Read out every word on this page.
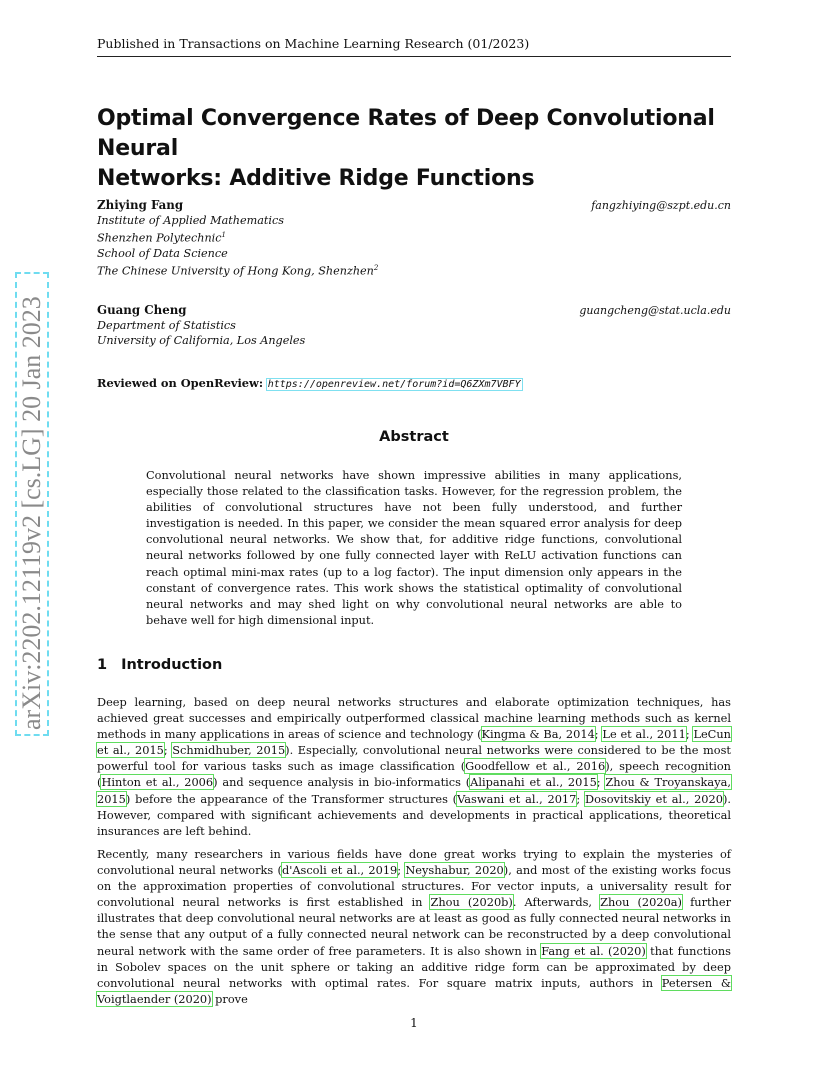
Published in Transactions on Machine Learning Research (01/2023)
Optimal Convergence Rates of Deep Convolutional Neural
Networks: Additive Ridge Functions
Zhiying Fang	fangzhiying@szpt.edu.cn
Institute of Applied Mathematics
Shenzhen Polytechnic$^1$
School of Data Science
The Chinese University of Hong Kong, Shenzhen$^2$
Guang Cheng	guangcheng@stat.ucla.edu
Department of Statistics
University of California, Los Angeles
Reviewed on OpenReview: https://openreview.net/forum?id=Q6ZXm7VBFY
Abstract
Convolutional neural networks have shown impressive abilities in many applications, especially those related to the classification tasks. However, for the regression problem, the abilities of convolutional structures have not been fully understood, and further investigation is needed. In this paper, we consider the mean squared error analysis for deep convolutional neural networks. We show that, for additive ridge functions, convolutional neural networks followed by one fully connected layer with ReLU activation functions can reach optimal mini-max rates (up to a log factor). The input dimension only appears in the constant of convergence rates. This work shows the statistical optimality of convolutional neural networks and may shed light on why convolutional neural networks are able to behave well for high dimensional input.
1 Introduction
Deep learning, based on deep neural networks structures and elaborate optimization techniques, has achieved great successes and empirically outperformed classical machine learning methods such as kernel methods in many applications in areas of science and technology (Kingma & Ba, 2014; Le et al., 2011; LeCun et al., 2015; Schmidhuber, 2015). Especially, convolutional neural networks were considered to be the most powerful tool for various tasks such as image classification (Goodfellow et al., 2016), speech recognition (Hinton et al., 2006) and sequence analysis in bio-informatics (Alipanahi et al., 2015; Zhou & Troyanskaya, 2015) before the appearance of the Transformer structures (Vaswani et al., 2017; Dosovitskiy et al., 2020). However, compared with significant achievements and developments in practical applications, theoretical insurances are left behind.
Recently, many researchers in various fields have done great works trying to explain the mysteries of convolutional neural networks (d'Ascoli et al., 2019; Neyshabur, 2020), and most of the existing works focus on the approximation properties of convolutional structures. For vector inputs, a universality result for convolutional neural networks is first established in Zhou (2020b). Afterwards, Zhou (2020a) further illustrates that deep convolutional neural networks are at least as good as fully connected neural networks in the sense that any output of a fully connected neural network can be reconstructed by a deep convolutional neural network with the same order of free parameters. It is also shown in Fang et al. (2020) that functions in Sobolev spaces on the unit sphere or taking an additive ridge form can be approximated by deep convolutional neural networks with optimal rates. For square matrix inputs, authors in Petersen & Voigtlaender (2020) prove
arXiv:2202.12119v2 [cs.LG] 20 Jan 2023
1
